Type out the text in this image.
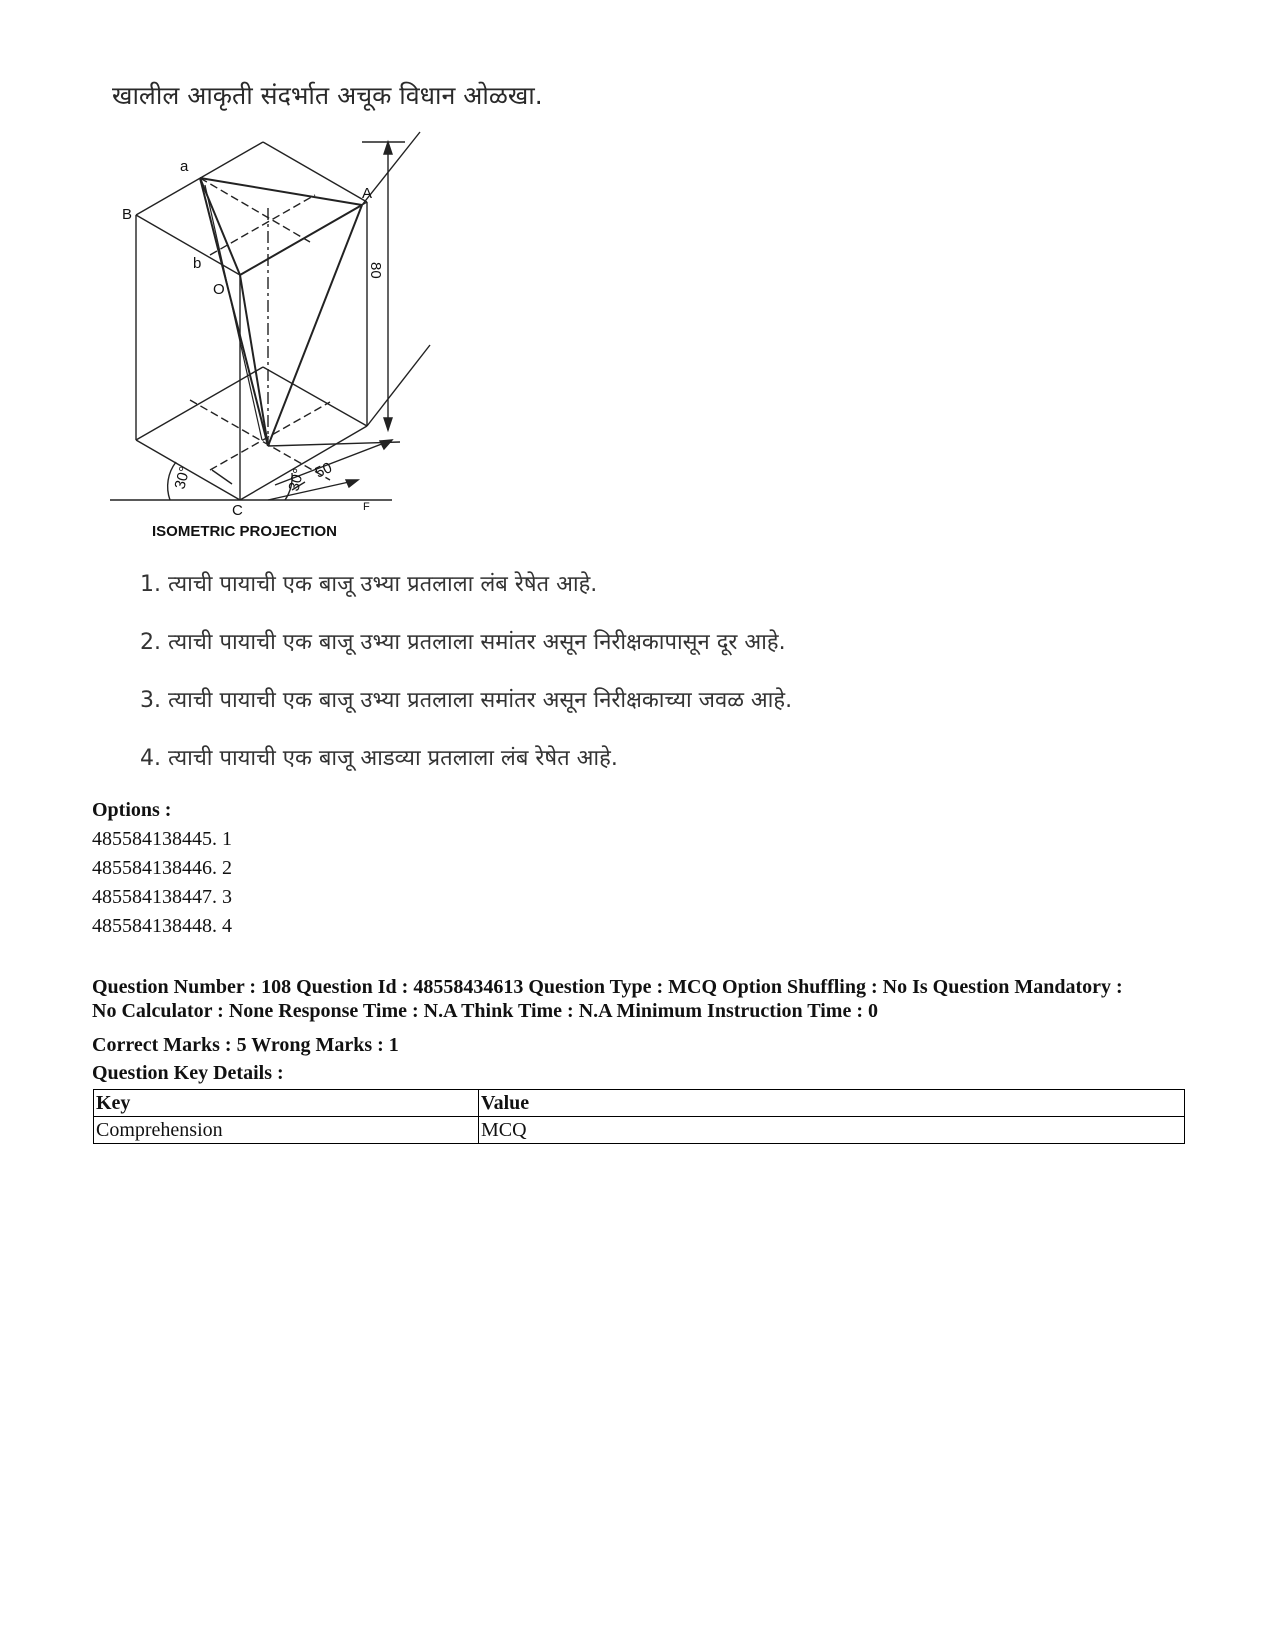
खालील आकृती संदर्भात अचूक विधान ओळखा.
a
B
b
O
A
C	F
80
50
30°	30°
ISOMETRIC PROJECTION
1. त्याची पायाची एक बाजू उभ्या प्रतलाला लंब रेषेत आहे.
2. त्याची पायाची एक बाजू उभ्या प्रतलाला समांतर असून निरीक्षकापासून दूर आहे.
3. त्याची पायाची एक बाजू उभ्या प्रतलाला समांतर असून निरीक्षकाच्या जवळ आहे.
4. त्याची पायाची एक बाजू आडव्या प्रतलाला लंब रेषेत आहे.
Options :
485584138445. 1
485584138446. 2
485584138447. 3
485584138448. 4
Question Number : 108 Question Id : 48558434613 Question Type : MCQ Option Shuffling : No Is Question Mandatory :
No Calculator : None Response Time : N.A Think Time : N.A Minimum Instruction Time : 0
Correct Marks : 5 Wrong Marks : 1
Question Key Details :
Key	Value
Comprehension	MCQ
